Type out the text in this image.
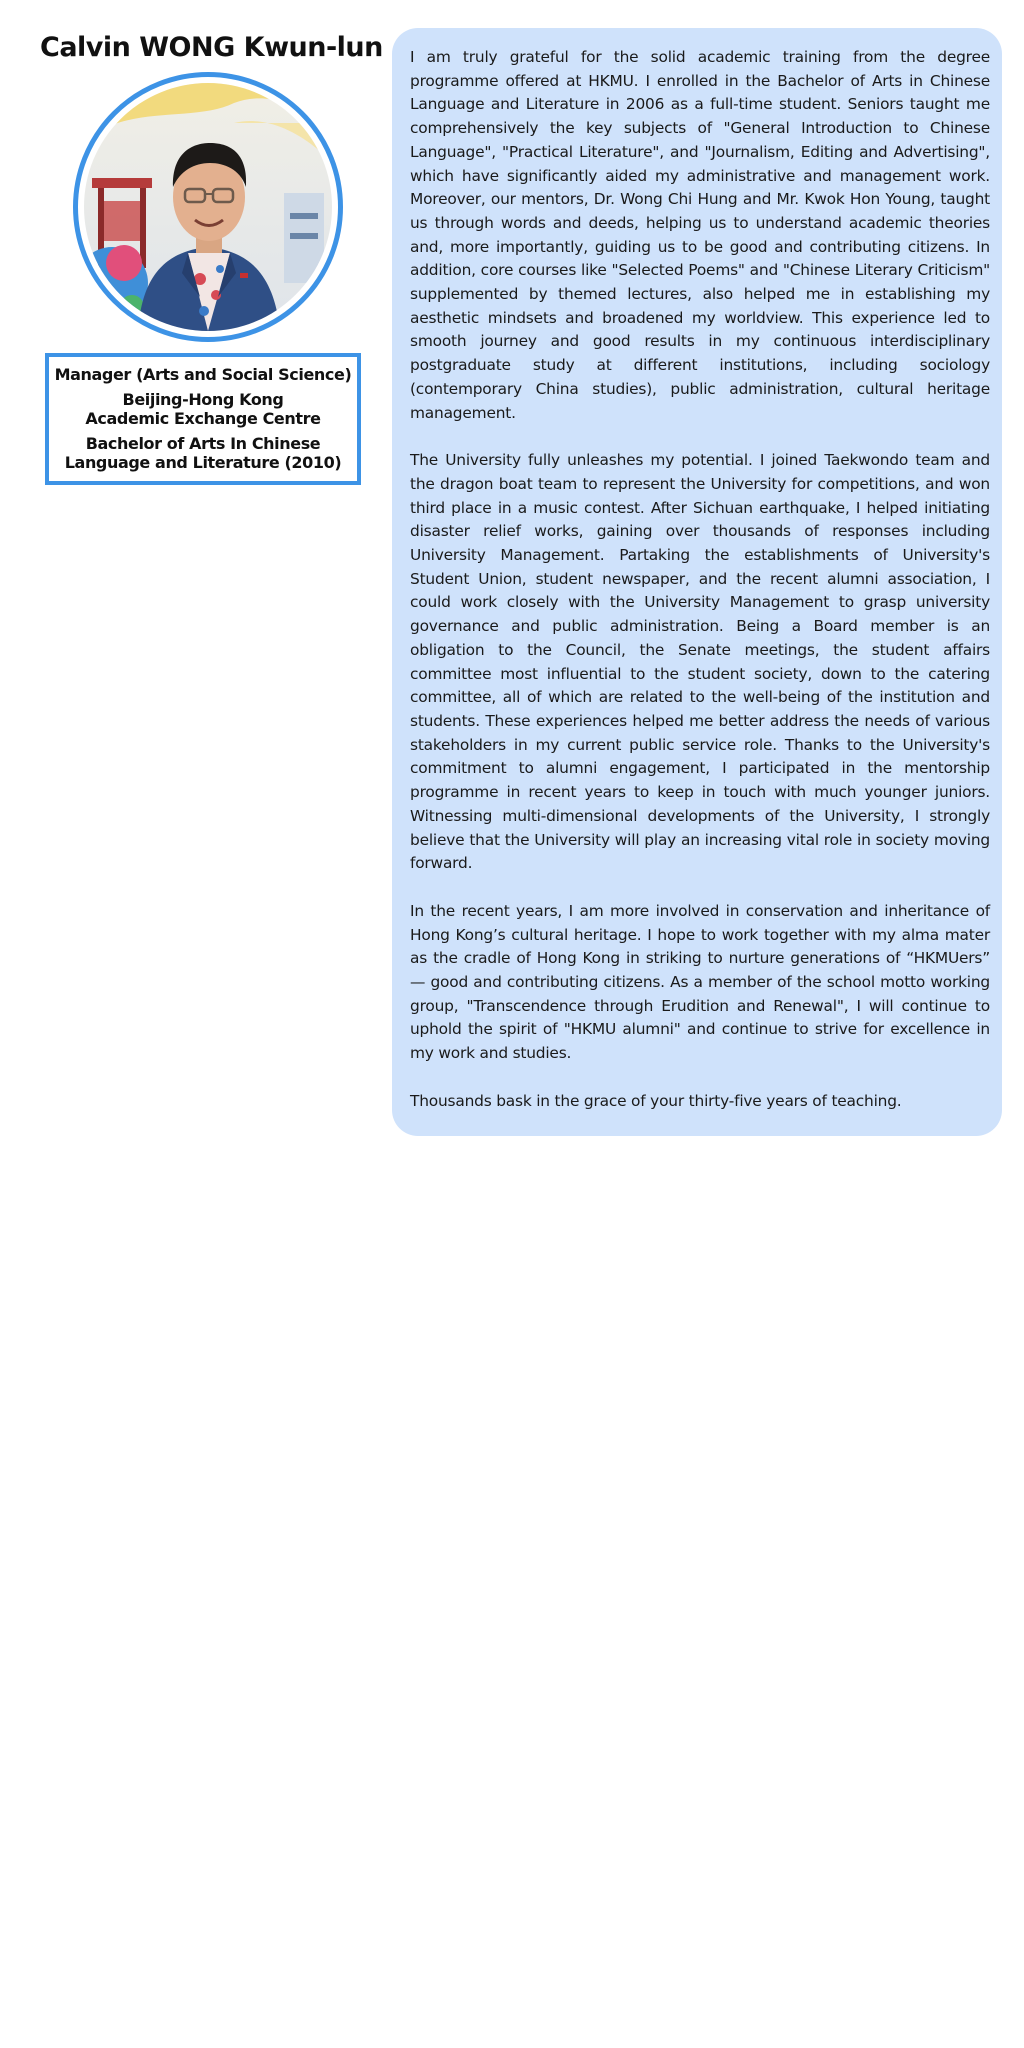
Calvin WONG Kwun-lun
Manager (Arts and Social Science)
Beijing-Hong Kong
Academic Exchange Centre
Bachelor of Arts In Chinese
Language and Literature (2010)

I am truly grateful for the solid academic training from the degree programme offered at HKMU. I enrolled in the Bachelor of Arts in Chinese Language and Literature in 2006 as a full-time student. Seniors taught me comprehensively the key subjects of "General Introduction to Chinese Language", "Practical Literature", and "Journalism, Editing and Advertising", which have significantly aided my administrative and management work. Moreover, our mentors, Dr. Wong Chi Hung and Mr. Kwok Hon Young, taught us through words and deeds, helping us to understand academic theories and, more importantly, guiding us to be good and contributing citizens. In addition, core courses like "Selected Poems" and "Chinese Literary Criticism" supplemented by themed lectures, also helped me in establishing my aesthetic mindsets and broadened my worldview. This experience led to smooth journey and good results in my continuous interdisciplinary postgraduate study at different institutions, including sociology (contemporary China studies), public administration, cultural heritage management.

The University fully unleashes my potential. I joined Taekwondo team and the dragon boat team to represent the University for competitions, and won third place in a music contest. After Sichuan earthquake, I helped initiating disaster relief works, gaining over thousands of responses including University Management. Partaking the establishments of University's Student Union, student newspaper, and the recent alumni association, I could work closely with the University Management to grasp university governance and public administration. Being a Board member is an obligation to the Council, the Senate meetings, the student affairs committee most influential to the student society, down to the catering committee, all of which are related to the well-being of the institution and students. These experiences helped me better address the needs of various stakeholders in my current public service role. Thanks to the University's commitment to alumni engagement, I participated in the mentorship programme in recent years to keep in touch with much younger juniors. Witnessing multi-dimensional developments of the University, I strongly believe that the University will play an increasing vital role in society moving forward.

In the recent years, I am more involved in conservation and inheritance of Hong Kong’s cultural heritage. I hope to work together with my alma mater as the cradle of Hong Kong in striking to nurture generations of “HKMUers” — good and contributing citizens. As a member of the school motto working group, "Transcendence through Erudition and Renewal", I will continue to uphold the spirit of "HKMU alumni" and continue to strive for excellence in my work and studies.

Thousands bask in the grace of your thirty-five years of teaching.
